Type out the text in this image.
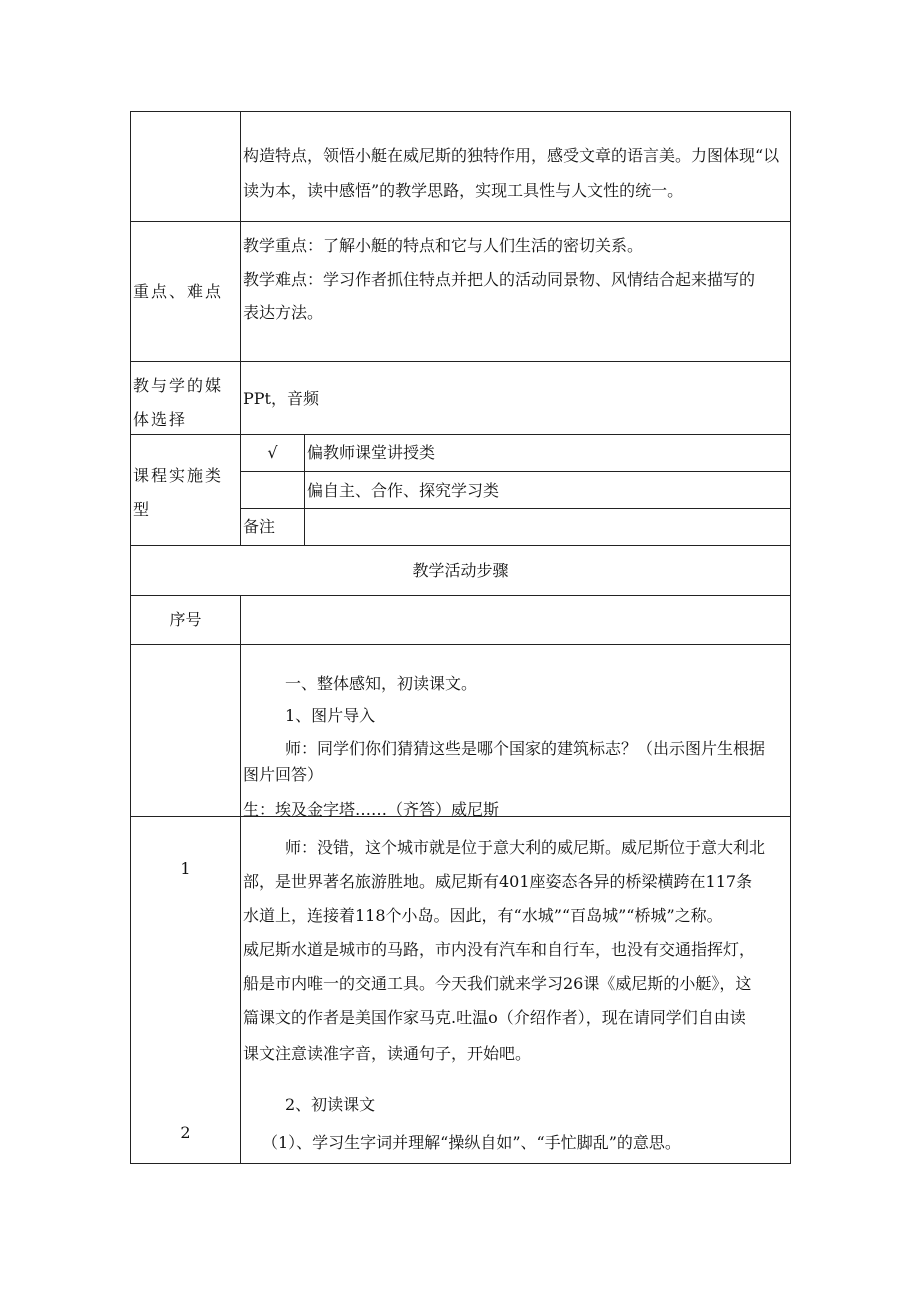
构造特点，领悟小艇在威尼斯的独特作用，感受文章的语言美。力图体现“以
读为本，读中感悟”的教学思路，实现工具性与人文性的统一。
重点、难点
教学重点：了解小艇的特点和它与人们生活的密切关系。
教学难点：学习作者抓住特点并把人的活动同景物、风情结合起来描写的
表达方法。
教与学的媒
体选择
PPt，音频
课程实施类
型
√	偏教师课堂讲授类
偏自主、合作、探究学习类
备注
教学活动步骤
序号
1
一、整体感知，初读课文。
1、图片导入
师：同学们你们猜猜这些是哪个国家的建筑标志？（出示图片生根据
图片回答）
生：埃及金字塔……（齐答）威尼斯
师：没错，这个城市就是位于意大利的威尼斯。威尼斯位于意大利北
部，是世界著名旅游胜地。威尼斯有401座姿态各异的桥梁横跨在117条
水道上，连接着118个小岛。因此，有“水城”“百岛城”“桥城”之称。
威尼斯水道是城市的马路，市内没有汽车和自行车，也没有交通指挥灯，
船是市内唯一的交通工具。今天我们就来学习26课《威尼斯的小艇》，这
篇课文的作者是美国作家马克.吐温o（介绍作者），现在请同学们自由读
课文注意读准字音，读通句子，开始吧。
2
2、初读课文
（1）、学习生字词并理解“操纵自如”、“手忙脚乱”的意思。
